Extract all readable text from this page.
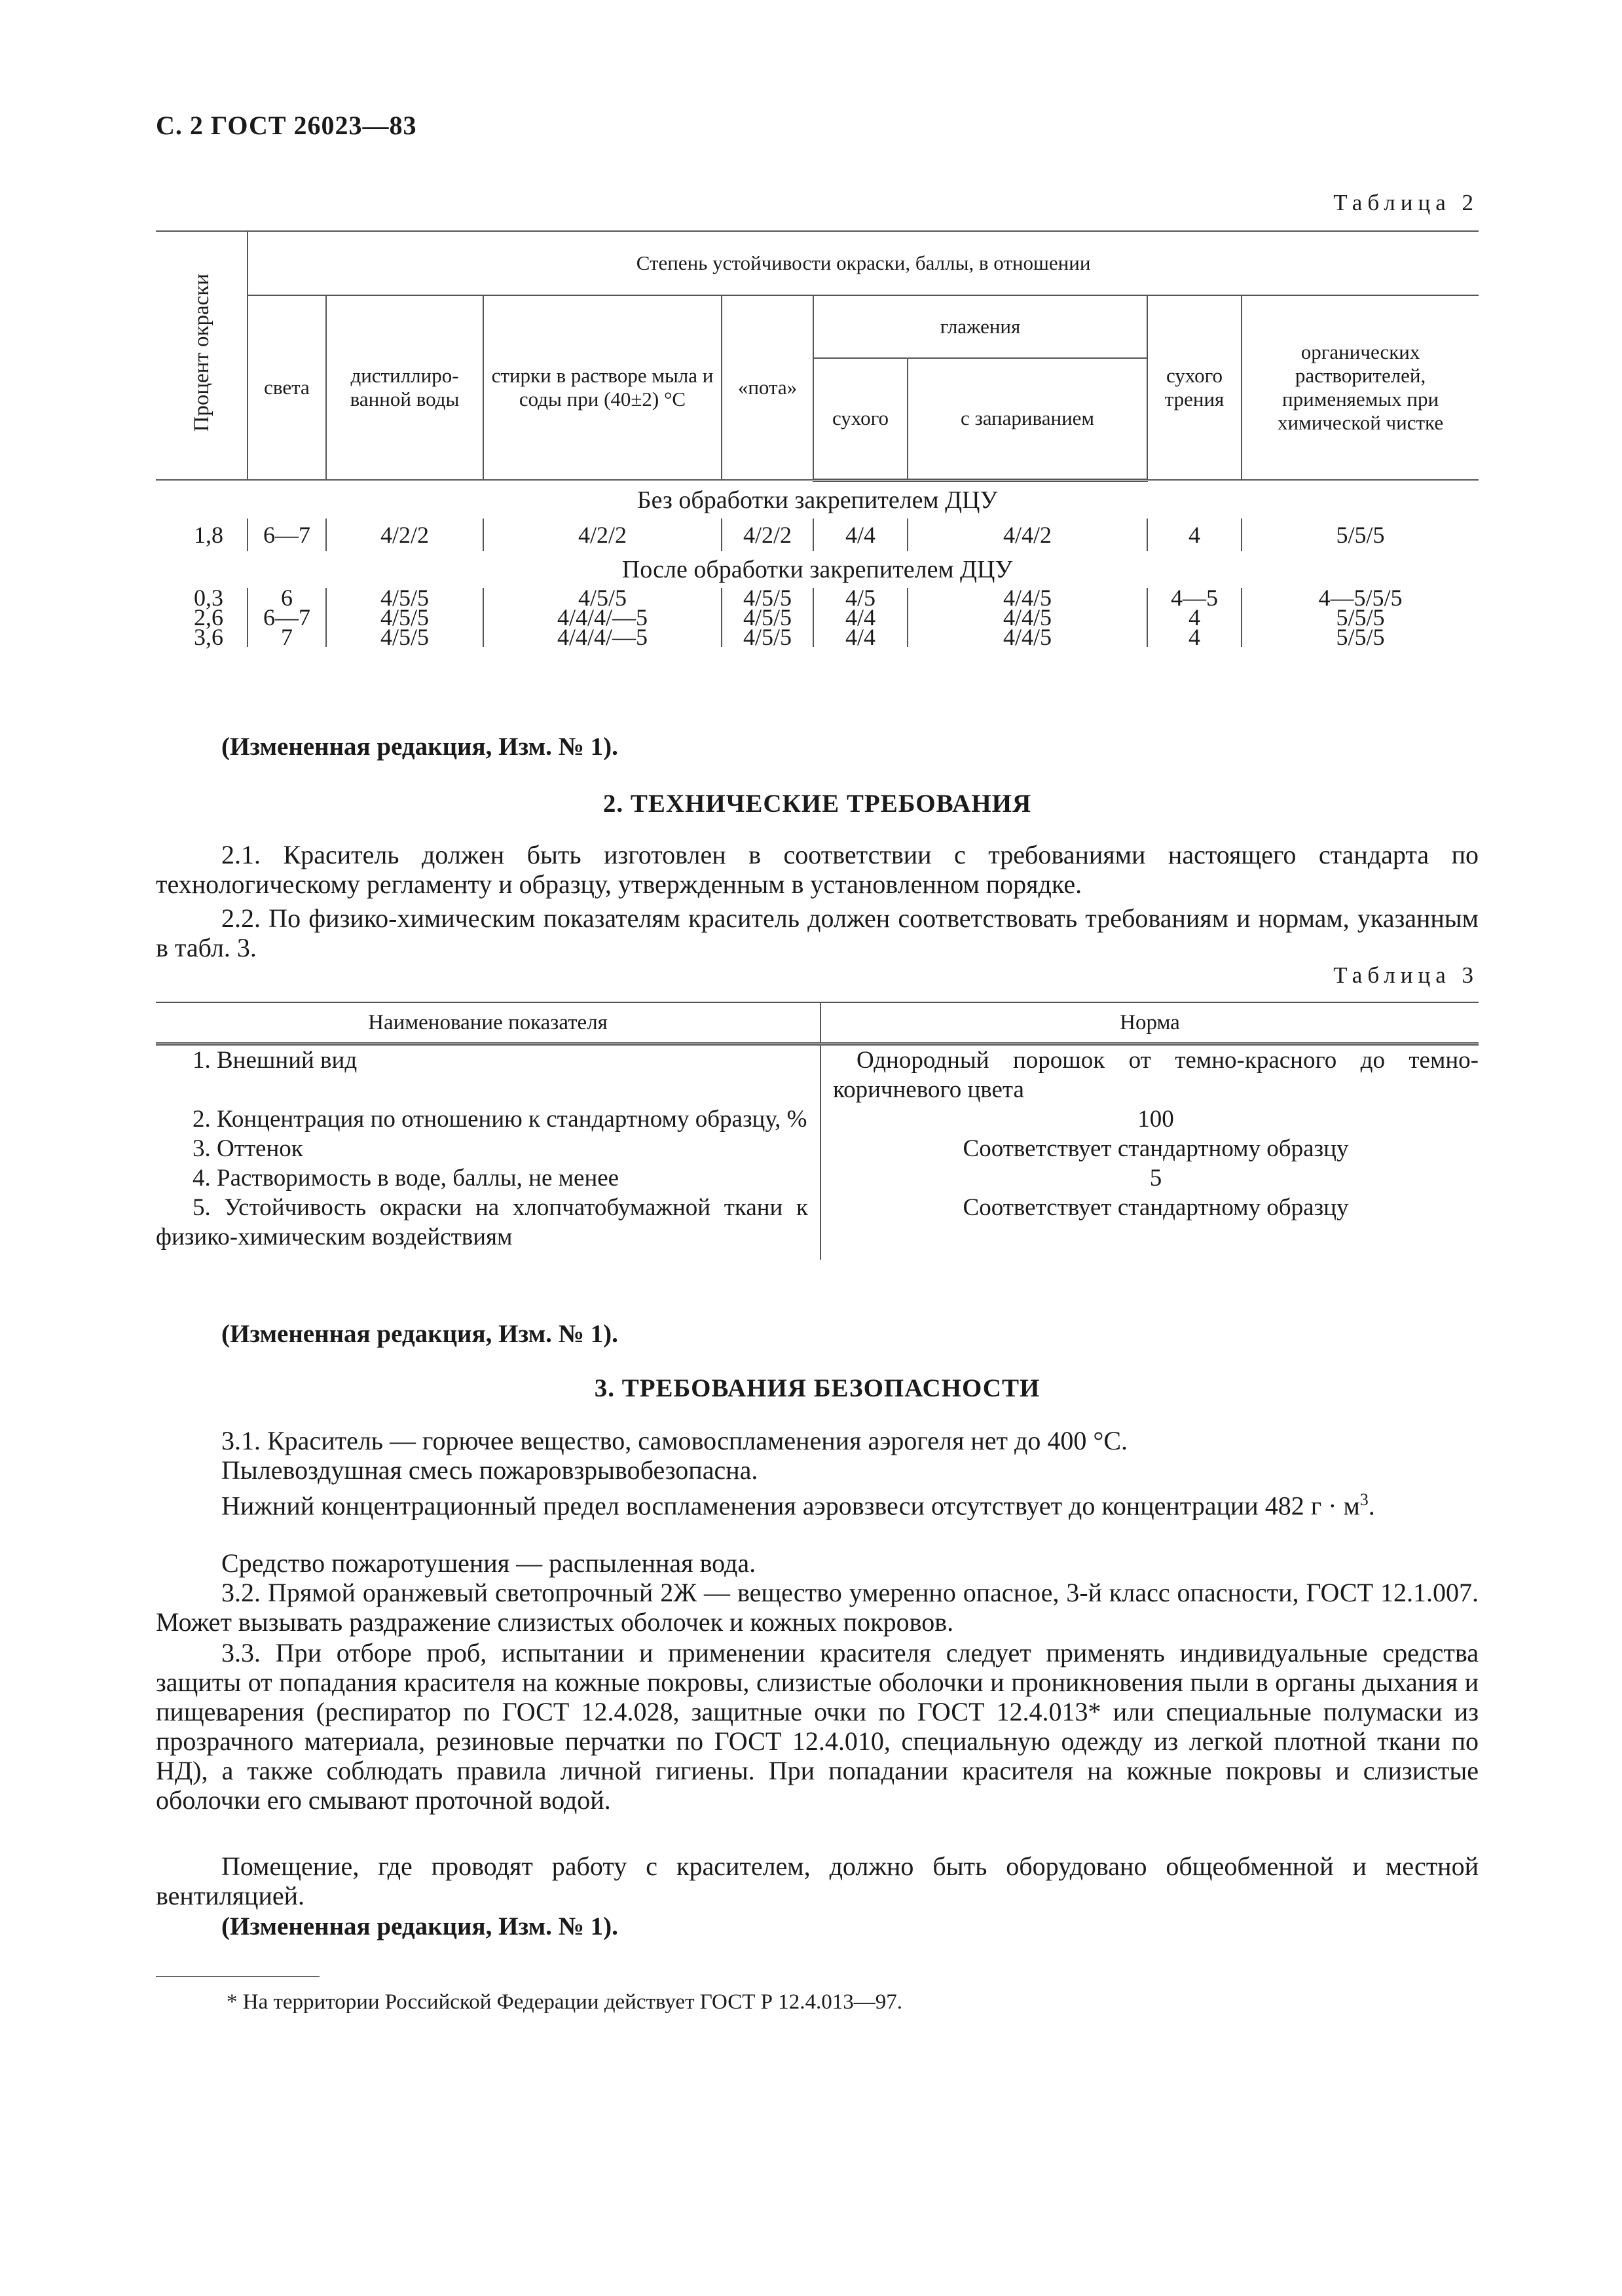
С. 2 ГОСТ 26023—83
Таблица 2
Процент окраски	Степень устойчивости окраски, баллы, в отношении							
	света	дистиллиро-ванной воды	стирки в растворе мыла и соды при (40±2) °С	«пота»	глажения		сухого трения	органических растворителей, применяемых при химической чистке
					сухого	с запариванием		
Без обработки закрепителем ДЦУ								
1,8	6—7	4/2/2	4/2/2	4/2/2	4/4	4/4/2	4	5/5/5
После обработки закрепителем ДЦУ								
0,3	6	4/5/5	4/5/5	4/5/5	4/5	4/4/5	4—5	4—5/5/5
2,6	6—7	4/5/5	4/4/4/—5	4/5/5	4/4	4/4/5	4	5/5/5
3,6	7	4/5/5	4/4/4/—5	4/5/5	4/4	4/4/5	4	5/5/5
(Измененная редакция, Изм. № 1).
2. ТЕХНИЧЕСКИЕ ТРЕБОВАНИЯ
2.1. Краситель должен быть изготовлен в соответствии с требованиями настоящего стандарта по технологическому регламенту и образцу, утвержденным в установленном порядке.
2.2. По физико-химическим показателям краситель должен соответствовать требованиям и нормам, указанным в табл. 3.
Таблица 3
Наименование показателя	Норма
1. Внешний вид	Однородный порошок от темно-красного до темно-коричневого цвета
2. Концентрация по отношению к стандартному образцу, %	100
3. Оттенок	Соответствует стандартному образцу
4. Растворимость в воде, баллы, не менее	5
5. Устойчивость окраски на хлопчатобумажной ткани к физико-химическим воздействиям	Соответствует стандартному образцу
(Измененная редакция, Изм. № 1).
3. ТРЕБОВАНИЯ БЕЗОПАСНОСТИ
3.1. Краситель — горючее вещество, самовоспламенения аэрогеля нет до 400 °С.
Пылевоздушная смесь пожаровзрывобезопасна.
Нижний концентрационный предел воспламенения аэровзвеси отсутствует до концентрации 482 $г \cdot м^3$.
Средство пожаротушения — распыленная вода.
3.2. Прямой оранжевый светопрочный 2Ж — вещество умеренно опасное, 3-й класс опасности, ГОСТ 12.1.007. Может вызывать раздражение слизистых оболочек и кожных покровов.
3.3. При отборе проб, испытании и применении красителя следует применять индивидуальные средства защиты от попадания красителя на кожные покровы, слизистые оболочки и проникновения пыли в органы дыхания и пищеварения (респиратор по ГОСТ 12.4.028, защитные очки по ГОСТ 12.4.013* или специальные полумаски из прозрачного материала, резиновые перчатки по ГОСТ 12.4.010, специальную одежду из легкой плотной ткани по НД), а также соблюдать правила личной гигиены. При попадании красителя на кожные покровы и слизистые оболочки его смывают проточной водой.
Помещение, где проводят работу с красителем, должно быть оборудовано общеобменной и местной вентиляцией.
(Измененная редакция, Изм. № 1).
* На территории Российской Федерации действует ГОСТ Р 12.4.013—97.
